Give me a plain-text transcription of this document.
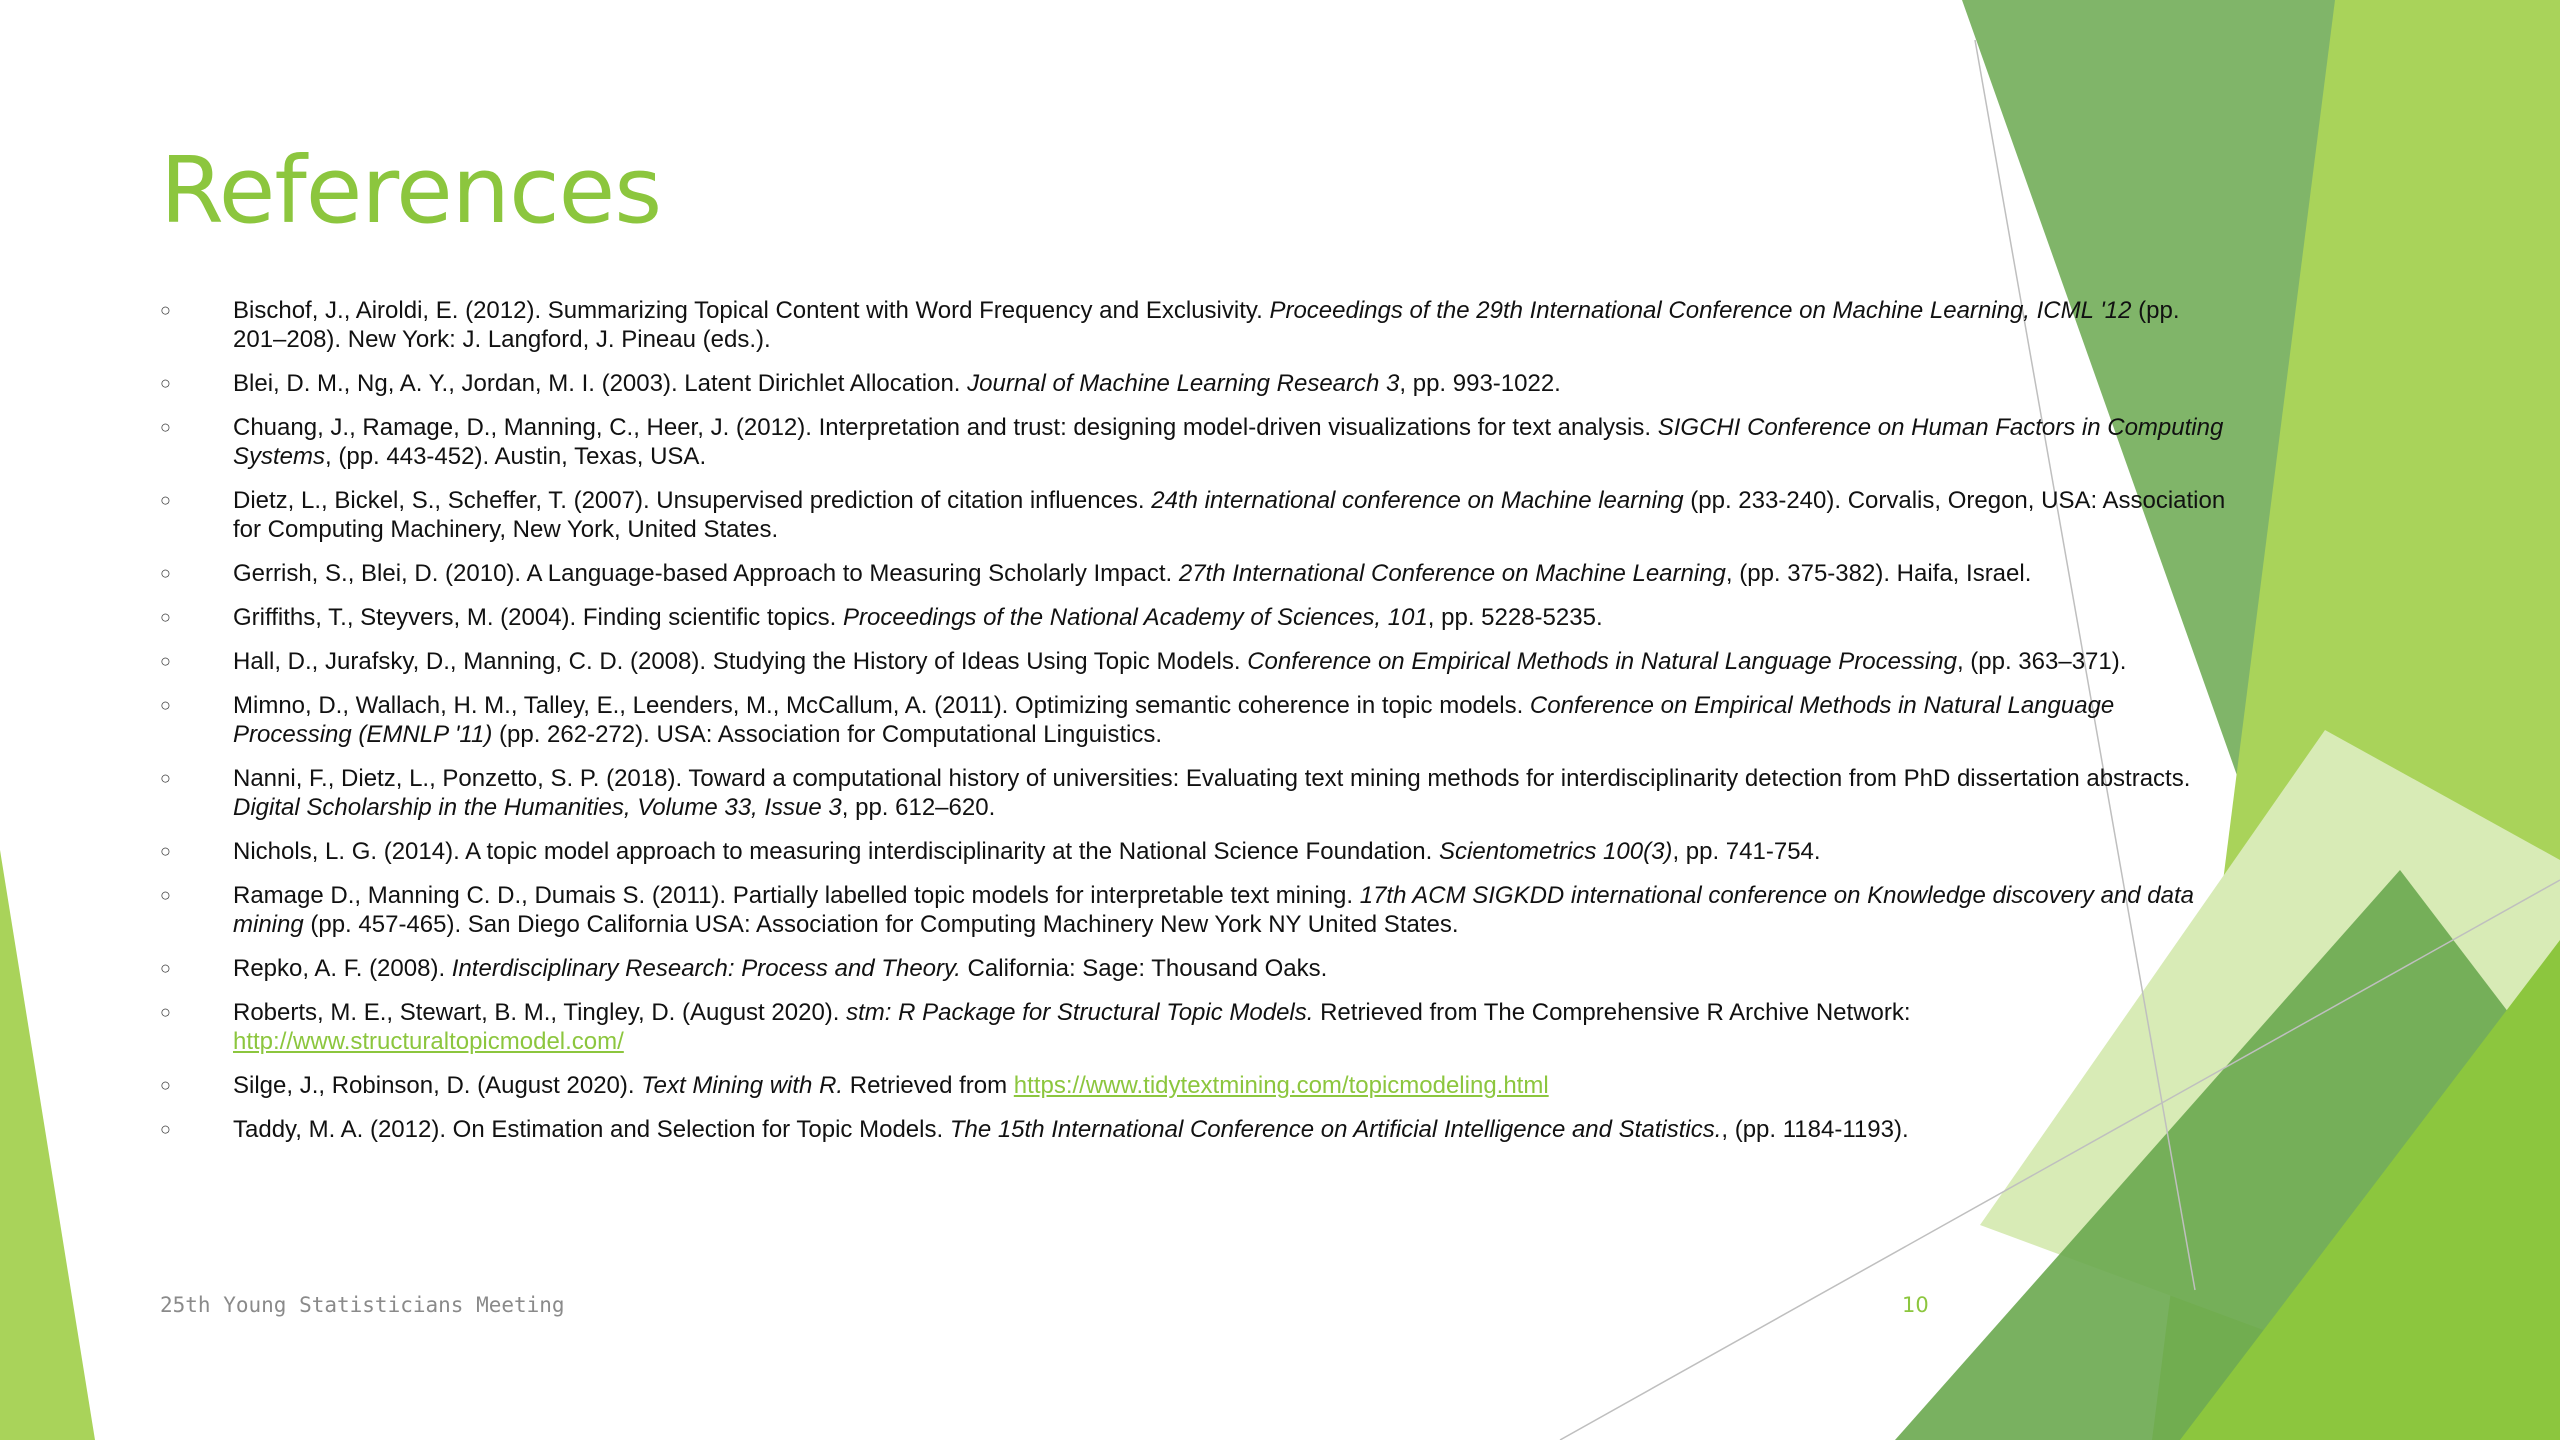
References
○	Bischof, J., Airoldi, E. (2012). Summarizing Topical Content with Word Frequency and Exclusivity. Proceedings of the 29th International Conference on Machine Learning, ICML '12 (pp. 201–208). New York: J. Langford, J. Pineau (eds.).
○	Blei, D. M., Ng, A. Y., Jordan, M. I. (2003). Latent Dirichlet Allocation. Journal of Machine Learning Research 3, pp. 993-1022.
○	Chuang, J., Ramage, D., Manning, C., Heer, J. (2012). Interpretation and trust: designing model-driven visualizations for text analysis. SIGCHI Conference on Human Factors in Computing Systems, (pp. 443-452). Austin, Texas, USA.
○	Dietz, L., Bickel, S., Scheffer, T. (2007). Unsupervised prediction of citation influences. 24th international conference on Machine learning (pp. 233-240). Corvalis, Oregon, USA: Association for Computing Machinery, New York, United States.
○	Gerrish, S., Blei, D. (2010). A Language-based Approach to Measuring Scholarly Impact. 27th International Conference on Machine Learning, (pp. 375-382). Haifa, Israel.
○	Griffiths, T., Steyvers, M. (2004). Finding scientific topics. Proceedings of the National Academy of Sciences, 101, pp. 5228-5235.
○	Hall, D., Jurafsky, D., Manning, C. D. (2008). Studying the History of Ideas Using Topic Models. Conference on Empirical Methods in Natural Language Processing, (pp. 363–371).
○	Mimno, D., Wallach, H. M., Talley, E., Leenders, M., McCallum, A. (2011). Optimizing semantic coherence in topic models. Conference on Empirical Methods in Natural Language Processing (EMNLP '11) (pp. 262-272). USA: Association for Computational Linguistics.
○	Nanni, F., Dietz, L., Ponzetto, S. P. (2018). Toward a computational history of universities: Evaluating text mining methods for interdisciplinarity detection from PhD dissertation abstracts. Digital Scholarship in the Humanities, Volume 33, Issue 3, pp. 612–620.
○	Nichols, L. G. (2014). A topic model approach to measuring interdisciplinarity at the National Science Foundation. Scientometrics 100(3), pp. 741-754.
○	Ramage D., Manning C. D., Dumais S. (2011). Partially labelled topic models for interpretable text mining. 17th ACM SIGKDD international conference on Knowledge discovery and data mining (pp. 457-465). San Diego California USA: Association for Computing Machinery New York NY United States.
○	Repko, A. F. (2008). Interdisciplinary Research: Process and Theory. California: Sage: Thousand Oaks.
○	Roberts, M. E., Stewart, B. M., Tingley, D. (August 2020). stm: R Package for Structural Topic Models. Retrieved from The Comprehensive R Archive Network: http://www.structuraltopicmodel.com/
○	Silge, J., Robinson, D. (August 2020). Text Mining with R. Retrieved from https://www.tidytextmining.com/topicmodeling.html
○	Taddy, M. A. (2012). On Estimation and Selection for Topic Models. The 15th International Conference on Artificial Intelligence and Statistics., (pp. 1184-1193).
25th Young Statisticians Meeting	10
